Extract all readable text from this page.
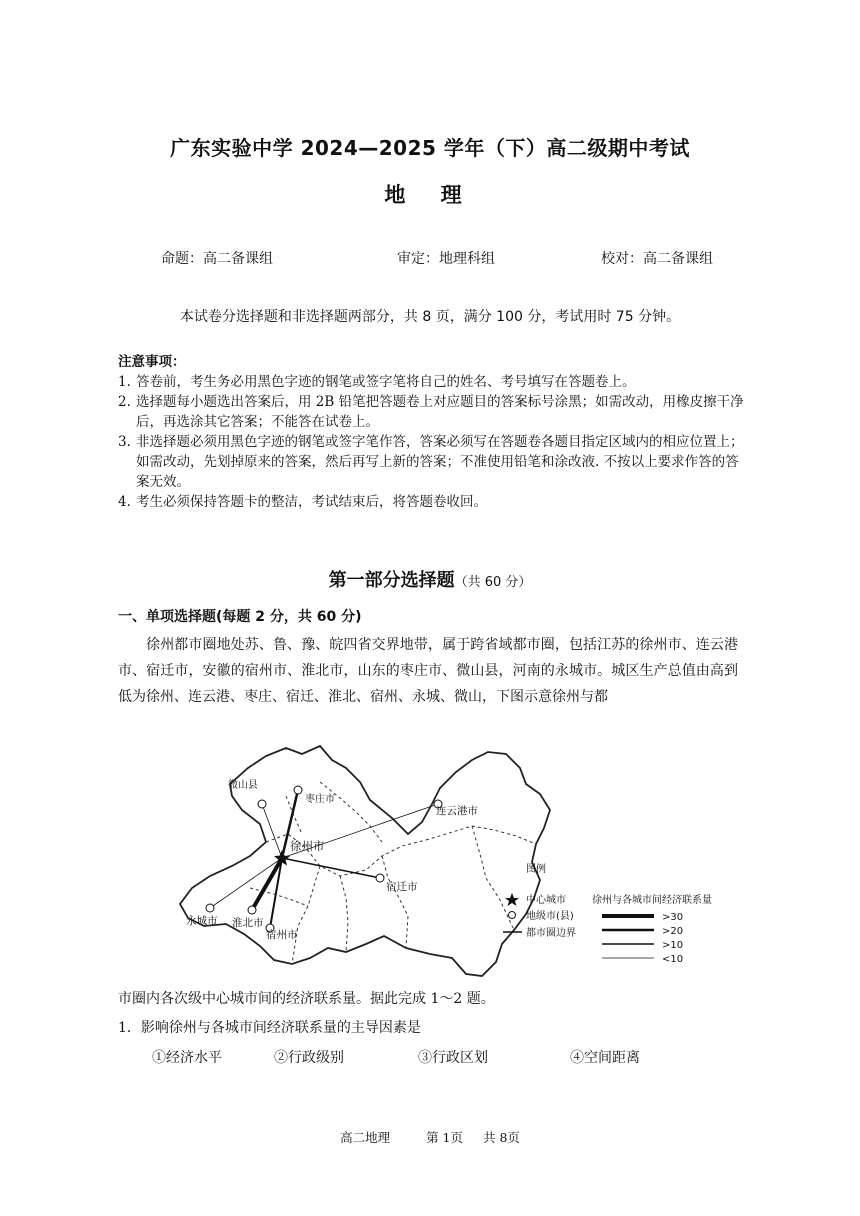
广东实验中学 2024—2025 学年（下）高二级期中考试
地 理
命题：高二备课组	审定：地理科组	校对：高二备课组
本试卷分选择题和非选择题两部分，共 8 页，满分 100 分，考试用时 75 分钟。
注意事项：
1. 答卷前，考生务必用黑色字迹的钢笔或签字笔将自己的姓名、考号填写在答题卷上。
2. 选择题每小题选出答案后，用 2B 铅笔把答题卷上对应题目的答案标号涂黑；如需改动，用橡皮擦干净后，再选涂其它答案；不能答在试卷上。
3. 非选择题必须用黑色字迹的钢笔或签字笔作答，答案必须写在答题卷各题目指定区域内的相应位置上；如需改动，先划掉原来的答案，然后再写上新的答案；不准使用铅笔和涂改液. 不按以上要求作答的答案无效。
4. 考生必须保持答题卡的整洁，考试结束后，将答题卷收回。
第一部分选择题（共 60 分）
一、单项选择题(每题 2 分，共 60 分)
徐州都市圈地处苏、鲁、豫、皖四省交界地带，属于跨省域都市圈，包括江苏的徐州市、连云港市、宿迁市，安徽的宿州市、淮北市，山东的枣庄市、微山县，河南的永城市。城区生产总值由高到低为徐州、连云港、枣庄、宿迁、淮北、宿州、永城、微山，下图示意徐州与都
徐州市
微山县
枣庄市
连云港市
宿迁市
永城市 淮北市
宿州市
图例
中心城市
地级市(县)
都市圈边界
徐州与各城市间经济联系量
>30
>20
>10
<10
市圈内各次级中心城市间的经济联系量。据此完成 1～2 题。
1．影响徐州与各城市间经济联系量的主导因素是
①经济水平	②行政级别	③行政区划	④空间距离
高二地理	第 1页 共 8页
